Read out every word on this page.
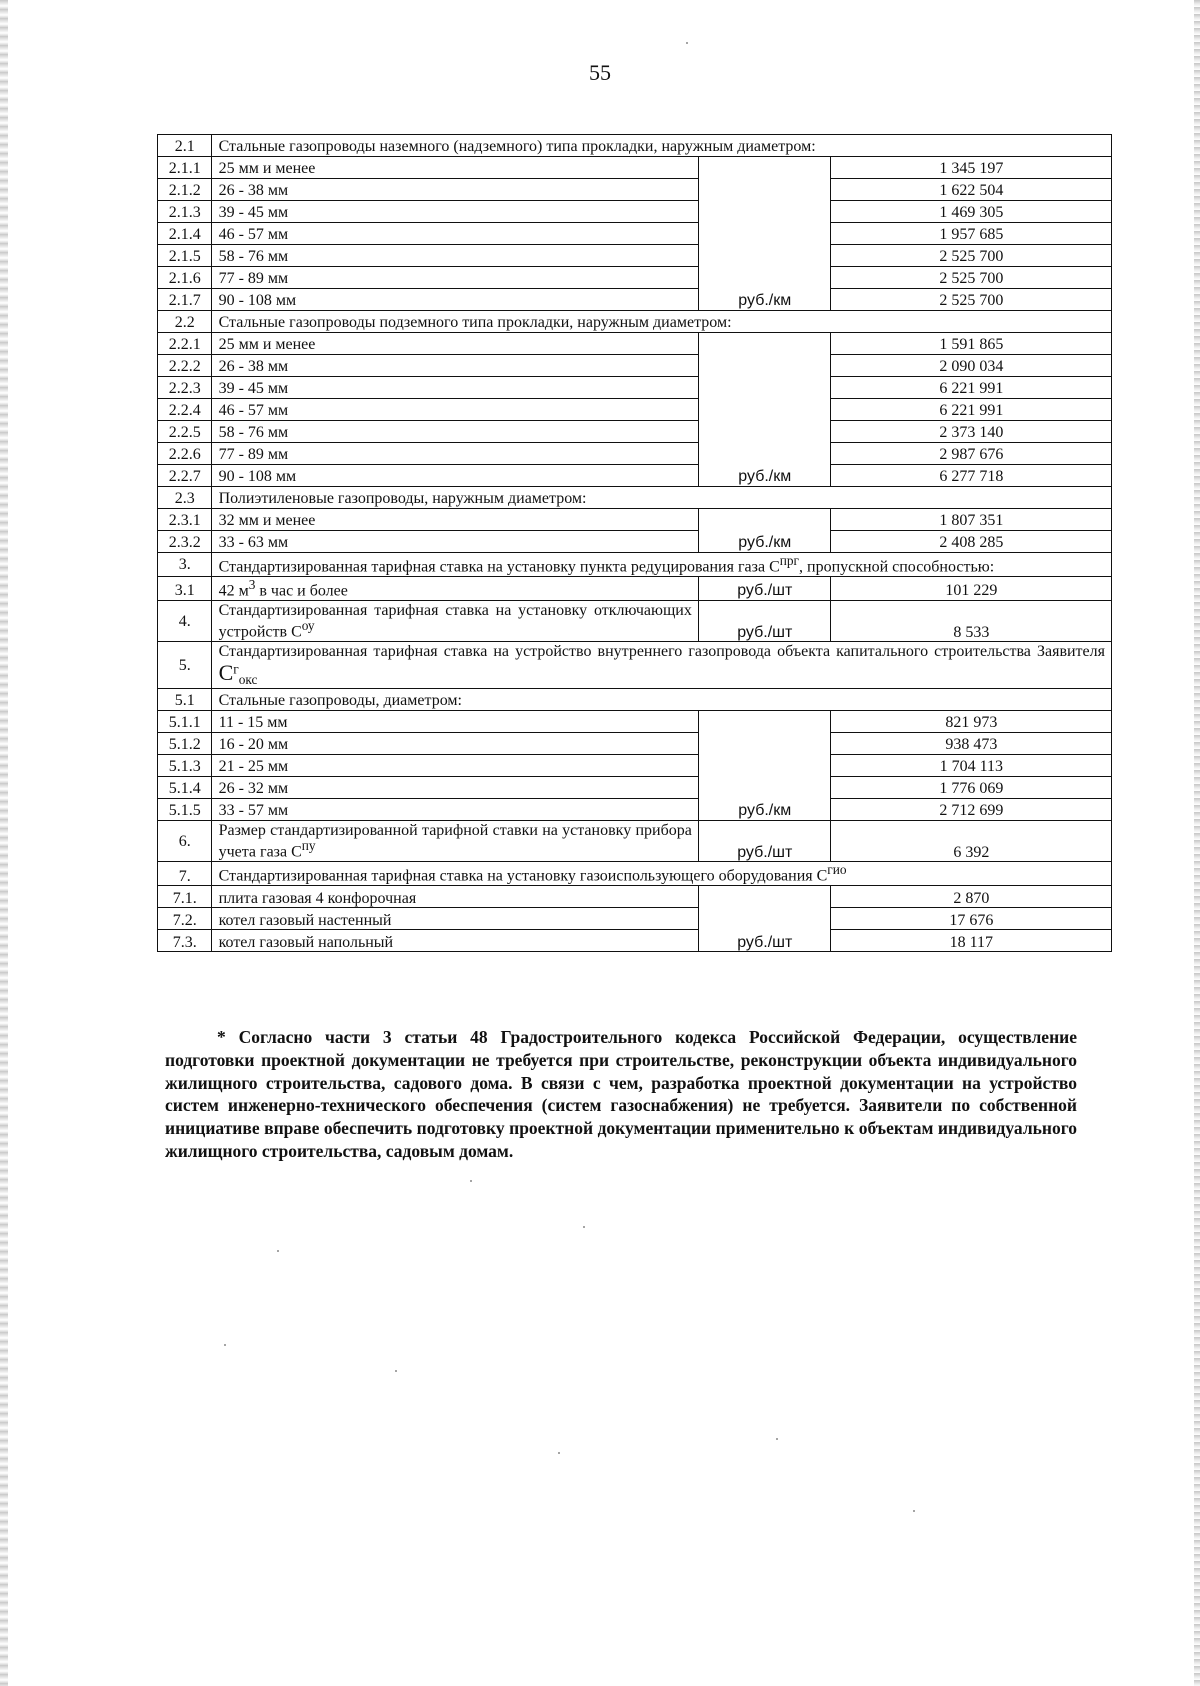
55
2.1	Стальные газопроводы наземного (надземного) типа прокладки, наружным диаметром:		
2.1.1	25 мм и менее	руб./км	1 345 197
2.1.2	26 - 38 мм		1 622 504
2.1.3	39 - 45 мм		1 469 305
2.1.4	46 - 57 мм		1 957 685
2.1.5	58 - 76 мм		2 525 700
2.1.6	77 - 89 мм		2 525 700
2.1.7	90 - 108 мм		2 525 700
2.2	Стальные газопроводы подземного типа прокладки, наружным диаметром:		
2.2.1	25 мм и менее	руб./км	1 591 865
2.2.2	26 - 38 мм		2 090 034
2.2.3	39 - 45 мм		6 221 991
2.2.4	46 - 57 мм		6 221 991
2.2.5	58 - 76 мм		2 373 140
2.2.6	77 - 89 мм		2 987 676
2.2.7	90 - 108 мм		6 277 718
2.3	Полиэтиленовые газопроводы, наружным диаметром:		
2.3.1	32 мм и менее	руб./км	1 807 351
2.3.2	33 - 63 мм		2 408 285
3.	Стандартизированная тарифная ставка на установку пункта редуцирования газа $С^{прг}$, пропускной способностью:		
3.1	42 $м^3$ в час и более	руб./шт	101 229
4.	Стандартизированная тарифная ставка на установку отключающих устройств $С^{оу}$	руб./шт	8 533
5.	Стандартизированная тарифная ставка на устройство внутреннего газопровода объекта капитального строительства Заявителя $C^г_{окс}$
5.1	Стальные газопроводы, диаметром:		
5.1.1	11 - 15 мм	руб./км	821 973
5.1.2	16 - 20 мм		938 473
5.1.3	21 - 25 мм		1 704 113
5.1.4	26 - 32 мм		1 776 069
5.1.5	33 - 57 мм		2 712 699
6.	Размер стандартизированной тарифной ставки на установку прибора учета газа $С^{пу}$	руб./шт	6 392
7.	Стандартизированная тарифная ставка на установку газоиспользующего оборудования $С^{гио}$
7.1.	плита газовая 4 конфорочная	руб./шт	2 870
7.2.	котел газовый настенный		17 676
7.3.	котел газовый напольный		18 117
* Согласно части 3 статьи 48 Градостроительного кодекса Российской Федерации, осуществление подготовки проектной документации не требуется при строительстве, реконструкции объекта индивидуального жилищного строительства, садового дома. В связи с чем, разработка проектной документации на устройство систем инженерно-технического обеспечения (систем газоснабжения) не требуется. Заявители по собственной инициативе вправе обеспечить подготовку проектной документации применительно к объектам индивидуального жилищного строительства, садовым домам.
